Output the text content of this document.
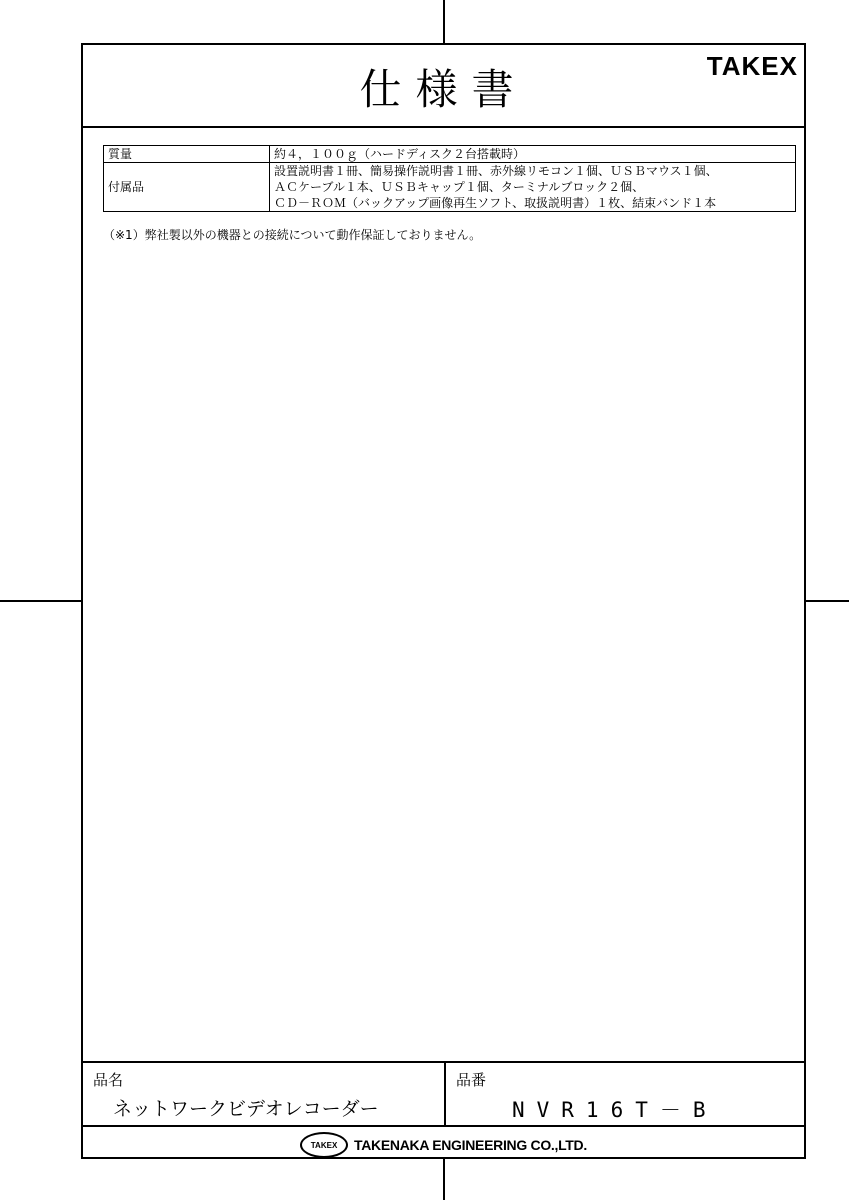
仕様書	TAKEX
質量	約４，１００ｇ（ハードディスク２台搭載時）
付属品	設置説明書１冊、簡易操作説明書１冊、赤外線リモコン１個、ＵＳＢマウス１個、
ＡＣケーブル１本、ＵＳＢキャップ１個、ターミナルブロック２個、
ＣＤ－ＲＯＭ（バックアップ画像再生ソフト、取扱説明書）１枚、結束バンド１本
（※1）弊社製以外の機器との接続について動作保証しておりません。
品名
ネットワークビデオレコーダー
品番
NVR16T－B
TAKEX	TAKENAKA ENGINEERING CO.,LTD.
